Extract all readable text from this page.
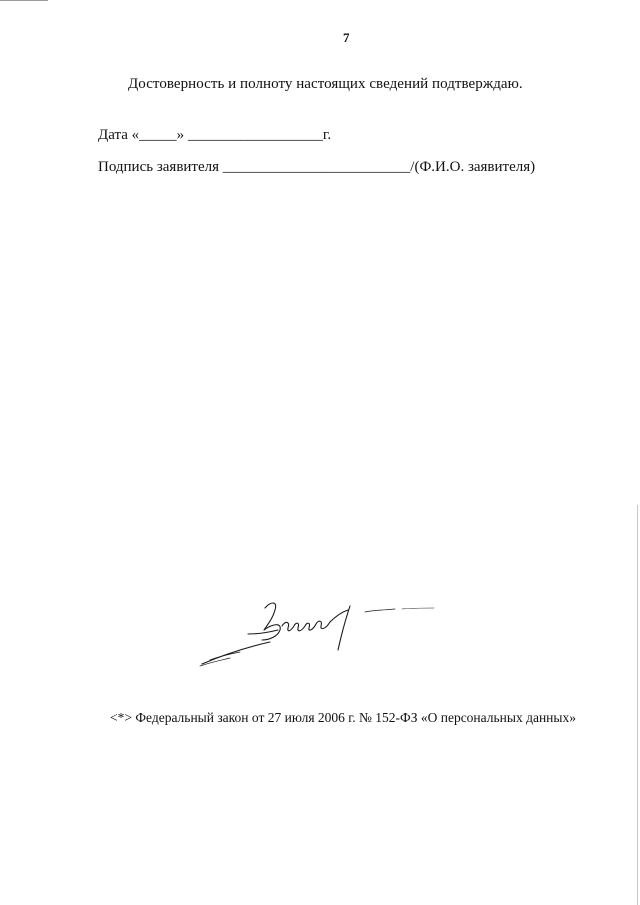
7
Достоверность и полноту настоящих сведений подтверждаю.
Дата «_____» __________________г.
Подпись заявителя _________________________/(Ф.И.О. заявителя)
<*> Федеральный закон от 27 июля 2006 г. № 152-ФЗ «О персональных данных»
